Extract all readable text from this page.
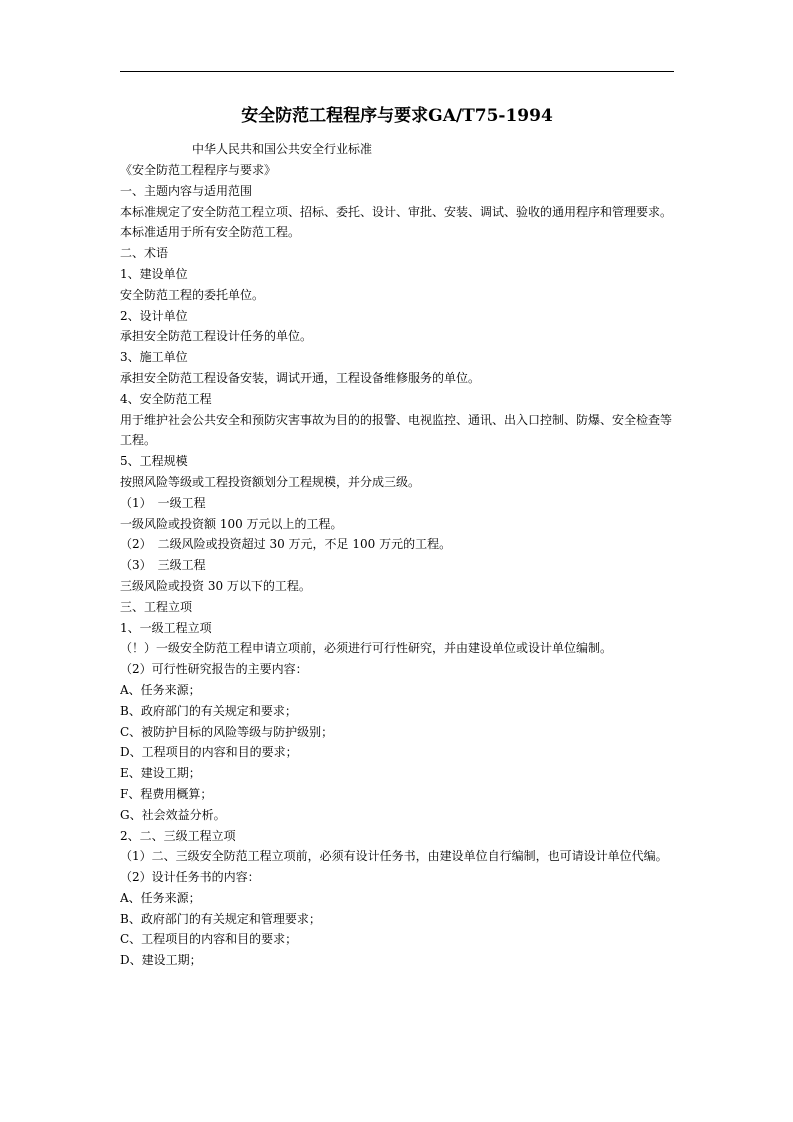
安全防范工程程序与要求GA/T75-1994

中华人民共和国公共安全行业标准

《安全防范工程程序与要求》

一、主题内容与适用范围

本标准规定了安全防范工程立项、招标、委托、设计、审批、安装、调试、验收的通用程序和管理要求。

本标准适用于所有安全防范工程。

二、术语

1、建设单位

安全防范工程的委托单位。

2、设计单位

承担安全防范工程设计任务的单位。

3、施工单位

承担安全防范工程设备安装，调试开通，工程设备维修服务的单位。

4、安全防范工程

用于维护社会公共安全和预防灾害事故为目的的报警、电视监控、通讯、出入口控制、防爆、安全检查等工程。

5、工程规模

按照风险等级或工程投资额划分工程规模，并分成三级。

（1）　一级工程

一级风险或投资额 100 万元以上的工程。

（2）　二级风险或投资超过 30 万元，不足 100 万元的工程。

（3）　三级工程

三级风险或投资 30 万以下的工程。

三、工程立项

1、一级工程立项

（！）一级安全防范工程申请立项前，必须进行可行性研究，并由建设单位或设计单位编制。

（2）可行性研究报告的主要内容：

A、任务来源；

B、政府部门的有关规定和要求；

C、被防护目标的风险等级与防护级别；

D、工程项目的内容和目的要求；

E、建设工期；

F、程费用概算；

G、社会效益分析。

2、二、三级工程立项

（1）二、三级安全防范工程立项前，必须有设计任务书，由建设单位自行编制，也可请设计单位代编。

（2）设计任务书的内容：

A、任务来源；

B、政府部门的有关规定和管理要求；

C、工程项目的内容和目的要求；

D、建设工期；
